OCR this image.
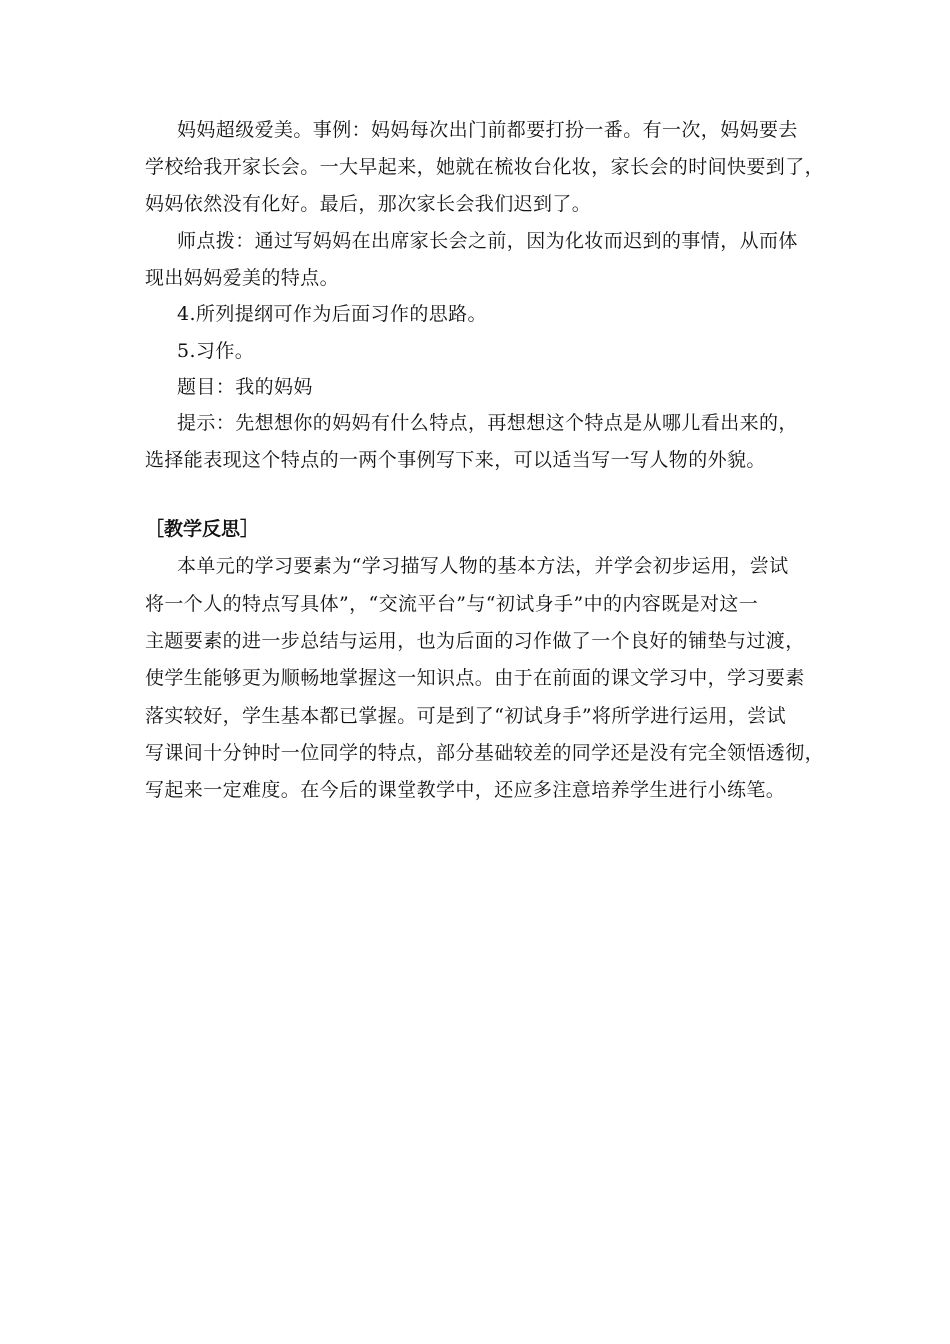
妈妈超级爱美。事例：妈妈每次出门前都要打扮一番。有一次，妈妈要去
学校给我开家长会。一大早起来，她就在梳妆台化妆，家长会的时间快要到了，
妈妈依然没有化好。最后，那次家长会我们迟到了。
师点拨：通过写妈妈在出席家长会之前，因为化妆而迟到的事情，从而体
现出妈妈爱美的特点。
4.所列提纲可作为后面习作的思路。
5.习作。
题目：我的妈妈
提示：先想想你的妈妈有什么特点，再想想这个特点是从哪儿看出来的，
选择能表现这个特点的一两个事例写下来，可以适当写一写人物的外貌。
［教学反思］
本单元的学习要素为“学习描写人物的基本方法，并学会初步运用，尝试
将一个人的特点写具体”，“交流平台”与“初试身手”中的内容既是对这一
主题要素的进一步总结与运用，也为后面的习作做了一个良好的铺垫与过渡，
使学生能够更为顺畅地掌握这一知识点。由于在前面的课文学习中，学习要素
落实较好，学生基本都已掌握。可是到了“初试身手”将所学进行运用，尝试
写课间十分钟时一位同学的特点，部分基础较差的同学还是没有完全领悟透彻，
写起来一定难度。在今后的课堂教学中，还应多注意培养学生进行小练笔。
